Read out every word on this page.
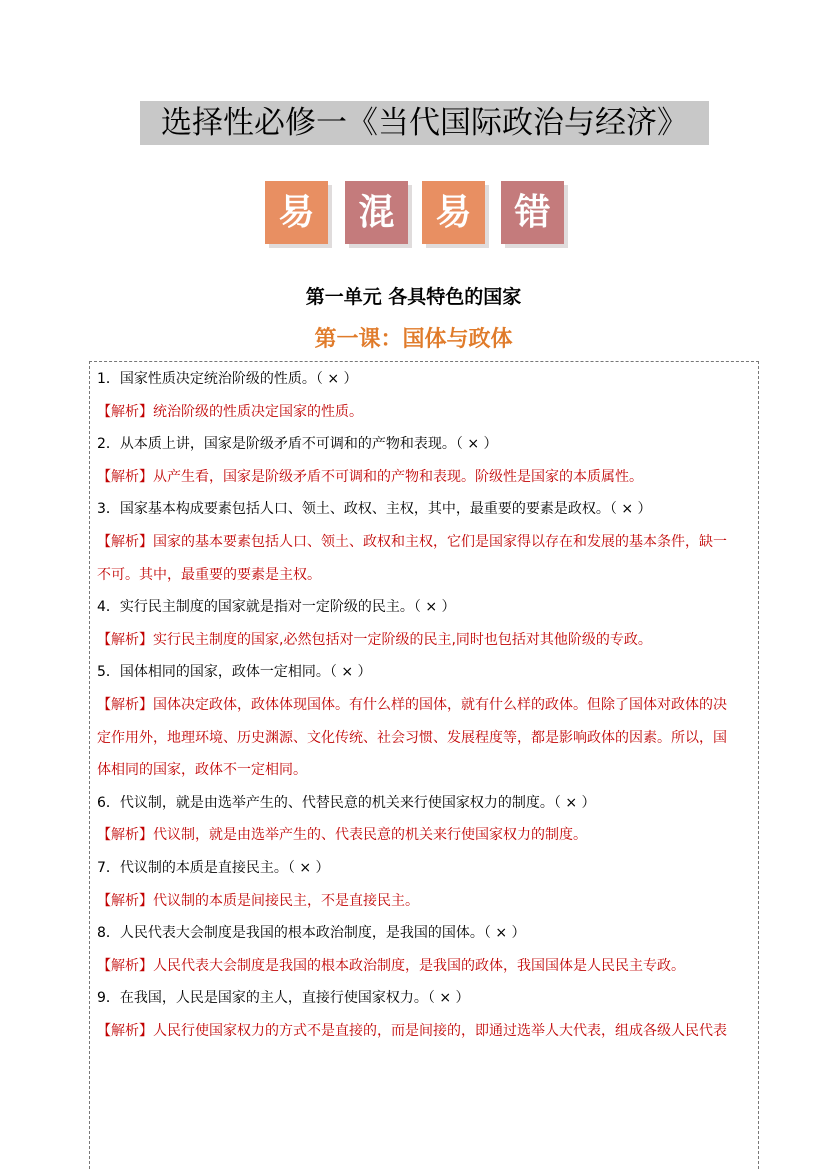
选择性必修一《当代国际政治与经济》
易	混	易	错
第一单元 各具特色的国家
第一课：国体与政体
1．国家性质决定统治阶级的性质。（ × ）
【解析】统治阶级的性质决定国家的性质。
2．从本质上讲，国家是阶级矛盾不可调和的产物和表现。（ × ）
【解析】从产生看，国家是阶级矛盾不可调和的产物和表现。阶级性是国家的本质属性。
3．国家基本构成要素包括人口、领土、政权、主权，其中，最重要的要素是政权。（ × ）
【解析】国家的基本要素包括人口、领土、政权和主权，它们是国家得以存在和发展的基本条件，缺一
不可。其中，最重要的要素是主权。
4．实行民主制度的国家就是指对一定阶级的民主。（ × ）
【解析】实行民主制度的国家,必然包括对一定阶级的民主,同时也包括对其他阶级的专政。
5．国体相同的国家，政体一定相同。（ × ）
【解析】国体决定政体，政体体现国体。有什么样的国体，就有什么样的政体。但除了国体对政体的决
定作用外，地理环境、历史渊源、文化传统、社会习惯、发展程度等，都是影响政体的因素。所以，国
体相同的国家，政体不一定相同。
6．代议制，就是由选举产生的、代替民意的机关来行使国家权力的制度。（ × ）
【解析】代议制，就是由选举产生的、代表民意的机关来行使国家权力的制度。
7．代议制的本质是直接民主。（ × ）
【解析】代议制的本质是间接民主，不是直接民主。
8．人民代表大会制度是我国的根本政治制度，是我国的国体。（ × ）
【解析】人民代表大会制度是我国的根本政治制度，是我国的政体，我国国体是人民民主专政。
9．在我国，人民是国家的主人，直接行使国家权力。（ × ）
【解析】人民行使国家权力的方式不是直接的，而是间接的，即通过选举人大代表，组成各级人民代表
